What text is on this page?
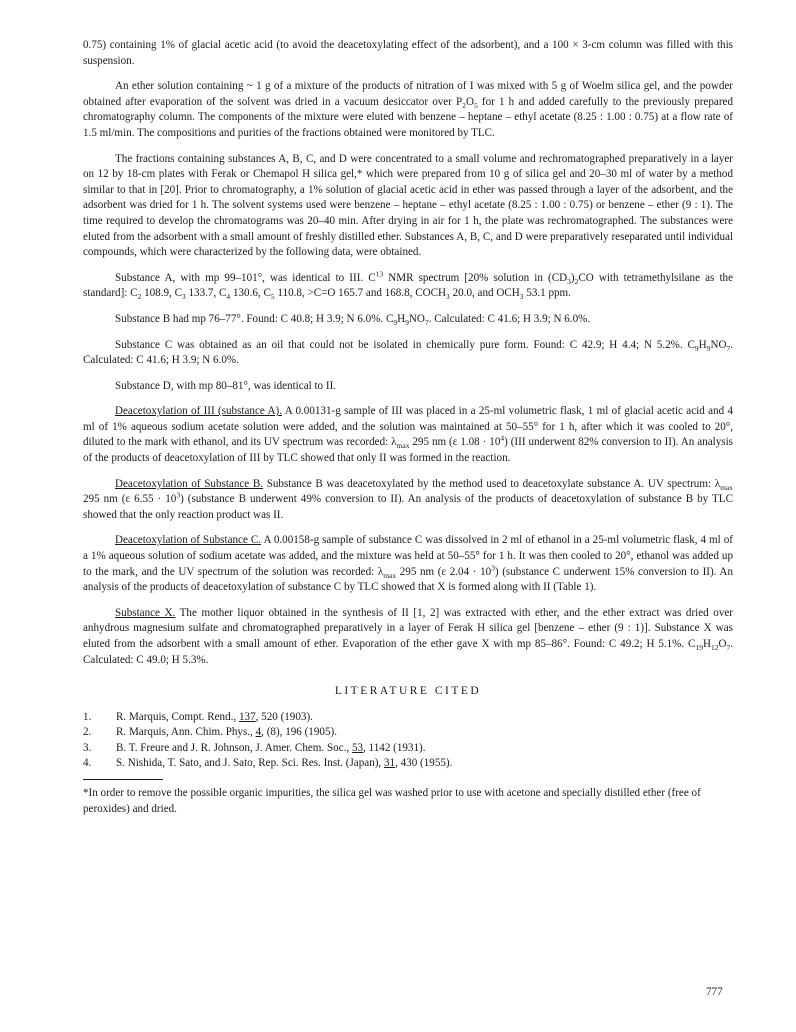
0.75) containing 1% of glacial acetic acid (to avoid the deacetoxylating effect of the adsorbent), and a 100 × 3-cm column was filled with this suspension.

An ether solution containing ~ 1 g of a mixture of the products of nitration of I was mixed with 5 g of Woelm silica gel, and the powder obtained after evaporation of the solvent was dried in a vacuum desiccator over $P_2O_5$ for 1 h and added carefully to the previously prepared chromatography column. The components of the mixture were eluted with benzene – heptane – ethyl acetate (8.25 : 1.00 : 0.75) at a flow rate of 1.5 ml/min. The compositions and purities of the fractions obtained were monitored by TLC.

The fractions containing substances A, B, C, and D were concentrated to a small volume and rechromatographed preparatively in a layer on 12 by 18-cm plates with Ferak or Chemapol H silica gel,* which were prepared from 10 g of silica gel and 20–30 ml of water by a method similar to that in [20]. Prior to chromatography, a 1% solution of glacial acetic acid in ether was passed through a layer of the adsorbent, and the adsorbent was dried for 1 h. The solvent systems used were benzene – heptane – ethyl acetate (8.25 : 1.00 : 0.75) or benzene – ether (9 : 1). The time required to develop the chromatograms was 20–40 min. After drying in air for 1 h, the plate was rechromatographed. The substances were eluted from the adsorbent with a small amount of freshly distilled ether. Substances A, B, C, and D were preparatively reseparated until individual compounds, which were characterized by the following data, were obtained.

Substance A, with mp 99–101°, was identical to III. $C^{13}$ NMR spectrum [20% solution in $(CD_3)_2CO$ with tetramethylsilane as the standard]: $C_2$ 108.9, $C_3$ 133.7, $C_4$ 130.6, $C_5$ 110.8, >C=O 165.7 and 168.8, $COCH_3$ 20.0, and $OCH_3$ 53.1 ppm.

Substance B had mp 76–77°. Found: C 40.8; H 3.9; N 6.0%. $C_9H_9NO_7$. Calculated: C 41.6; H 3.9; N 6.0%.

Substance C was obtained as an oil that could not be isolated in chemically pure form. Found: C 42.9; H 4.4; N 5.2%. $C_9H_9NO_7$. Calculated: C 41.6; H 3.9; N 6.0%.

Substance D, with mp 80–81°, was identical to II.

Deacetoxylation of III (substance A). A 0.00131-g sample of III was placed in a 25-ml volumetric flask, 1 ml of glacial acetic acid and 4 ml of 1% aqueous sodium acetate solution were added, and the solution was maintained at 50–55° for 1 h, after which it was cooled to 20°, diluted to the mark with ethanol, and its UV spectrum was recorded: $\lambda_{max}$ 295 nm (ε $1.08 \cdot 10^4$) (III underwent 82% conversion to II). An analysis of the products of deacetoxylation of III by TLC showed that only II was formed in the reaction.

Deacetoxylation of Substance B. Substance B was deacetoxylated by the method used to deacetoxylate substance A. UV spectrum: $\lambda_{max}$ 295 nm (ε $6.55 \cdot 10^3$) (substance B underwent 49% conversion to II). An analysis of the products of deacetoxylation of substance B by TLC showed that the only reaction product was II.

Deacetoxylation of Substance C. A 0.00158-g sample of substance C was dissolved in 2 ml of ethanol in a 25-ml volumetric flask, 4 ml of a 1% aqueous solution of sodium acetate was added, and the mixture was held at 50–55° for 1 h. It was then cooled to 20°, ethanol was added up to the mark, and the UV spectrum of the solution was recorded: $\lambda_{max}$ 295 nm (ε $2.04 \cdot 10^3$) (substance C underwent 15% conversion to II). An analysis of the products of deacetoxylation of substance C by TLC showed that X is formed along with II (Table 1).

Substance X. The mother liquor obtained in the synthesis of II [1, 2] was extracted with ether, and the ether extract was dried over anhydrous magnesium sulfate and chromatographed preparatively in a layer of Ferak H silica gel [benzene – ether (9 : 1)]. Substance X was eluted from the adsorbent with a small amount of ether. Evaporation of the ether gave X with mp 85–86°. Found: C 49.2; H 5.1%. $C_{19}H_{12}O_7$. Calculated: C 49.0; H 5.3%.

LITERATURE CITED
1.	R. Marquis, Compt. Rend., 137, 520 (1903).
2.	R. Marquis, Ann. Chim. Phys., 4, (8), 196 (1905).
3.	B. T. Freure and J. R. Johnson, J. Amer. Chem. Soc., 53, 1142 (1931).
4.	S. Nishida, T. Sato, and J. Sato, Rep. Sci. Res. Inst. (Japan), 31, 430 (1955).

*In order to remove the possible organic impurities, the silica gel was washed prior to use with acetone and specially distilled ether (free of peroxides) and dried.

777
